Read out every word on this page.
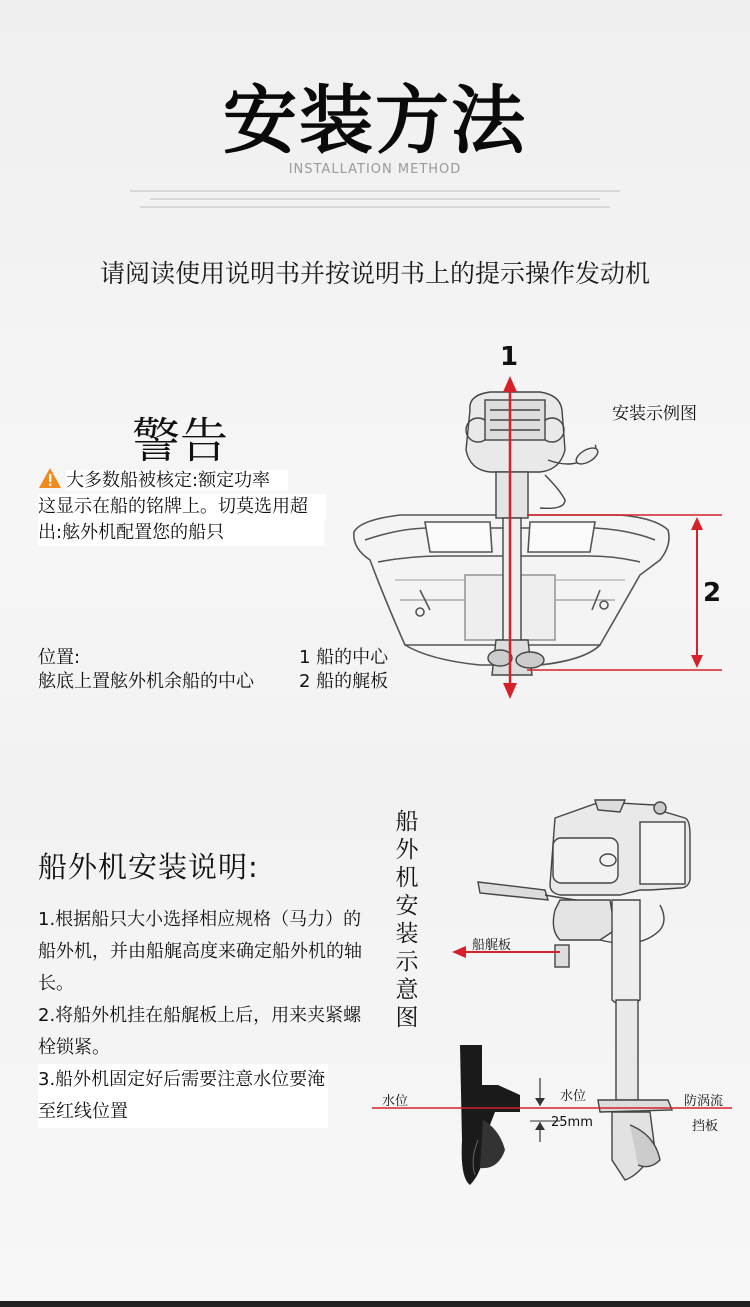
安装方法
INSTALLATION METHOD
请阅读使用说明书并按说明书上的提示操作发动机
1
2
安装示例图
警告
大多数船被核定:额定功率
这显示在船的铭牌上。切莫选用超
出:舷外机配置您的船只
位置:
舷底上置舷外机余船的中心
1 船的中心
2 船的艉板
船外机安装说明:

1.根据船只大小选择相应规格（马力）的船外机，并由船艉高度来确定船外机的轴长。

2.将船外机挂在船艉板上后，用来夹紧螺栓锁紧。

3.船外机固定好后需要注意水位要淹至红线位置

船外机安装示意图
船艉板
水位	水位
25mm
防涡流
挡板
